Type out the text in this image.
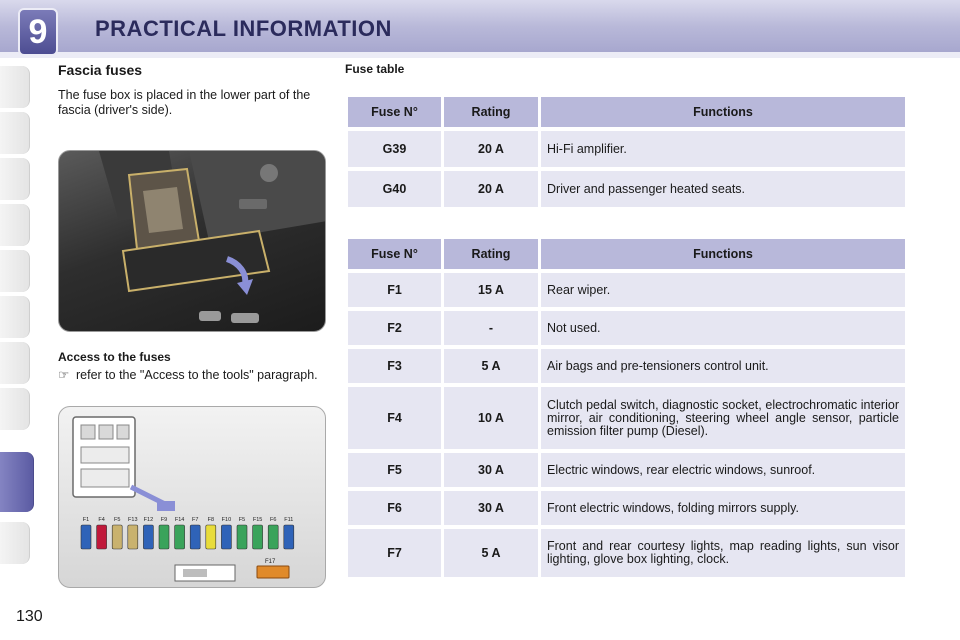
9	PRACTICAL INFORMATION
Fascia fuses
The fuse box is placed in the lower part of the fascia (driver's side).
Access to the fuses
☞ refer to the "Access to the tools" paragraph.
F1 F4 F5 F13 F12 F9 F14 F7 F8 F10 F5 F15 F6 F11
F17
130
Fuse table
Fuse N°	Rating	Functions
G39	20 A	Hi-Fi amplifier.
G40	20 A	Driver and passenger heated seats.
Fuse N°	Rating	Functions
F1	15 A	Rear wiper.
F2	-	Not used.
F3	5 A	Air bags and pre-tensioners control unit.
F4	10 A	Clutch pedal switch, diagnostic socket, electrochromatic interior mirror, air conditioning, steering wheel angle sensor, particle emission filter pump (Diesel).
F5	30 A	Electric windows, rear electric windows, sunroof.
F6	30 A	Front electric windows, folding mirrors supply.
F7	5 A	Front and rear courtesy lights, map reading lights, sun visor lighting, glove box lighting, clock.
